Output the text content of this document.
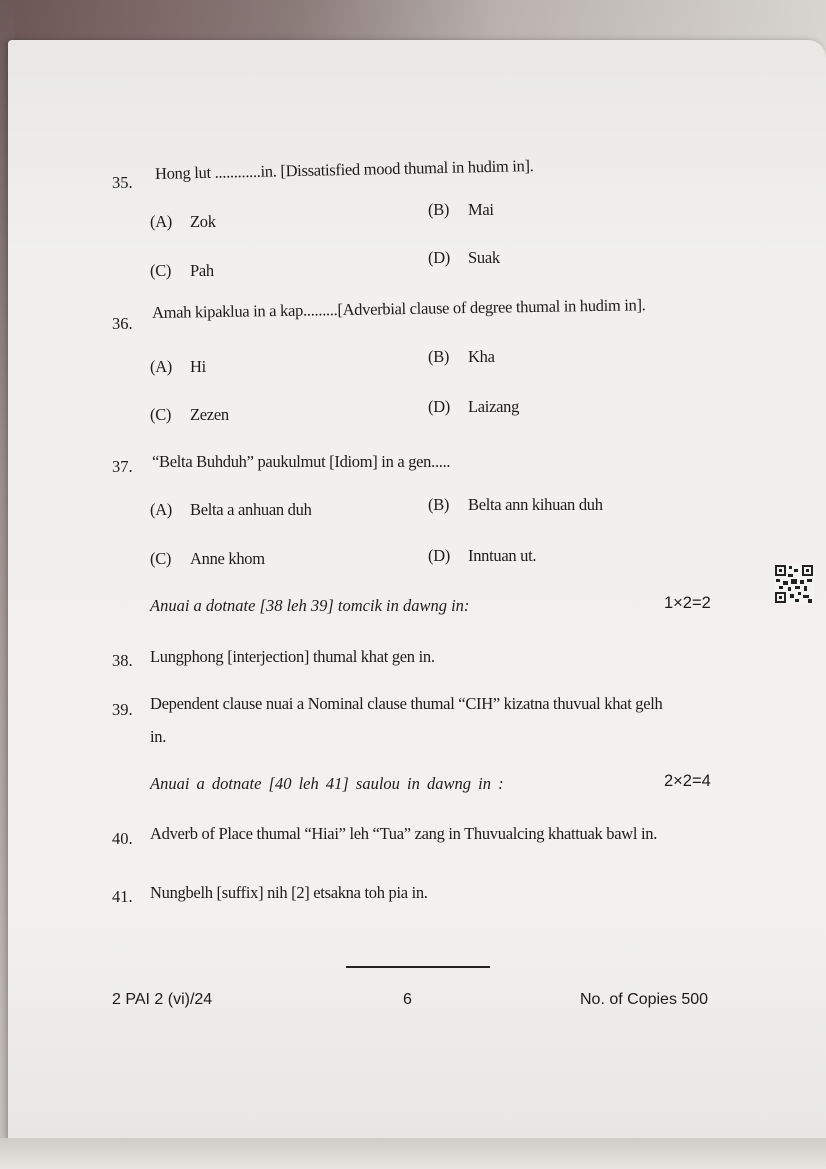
35. Hong lut ............in. [Dissatisfied mood thumal in hudim in].
(A) Zok
(B) Mai
(C) Pah
(D) Suak
36.
Amah kipaklua in a kap.........[Adverbial clause of degree thumal in hudim in].
(A) Hi
(B) Kha
(C) Zezen	(D) Laizang
37. “Belta Buhduh” paukulmut [Idiom] in a gen.....
(A) Belta a anhuan duh	(B) Belta ann kihuan duh
(C) Anne khom	(D) Inntuan ut.
Anuai a dotnate [38 leh 39] tomcik in dawng in:	1×2=2
38. Lungphong [interjection] thumal khat gen in.
39. Dependent clause nuai a Nominal clause thumal “CIH” kizatna thuvual khat gelh
in.
Anuai a dotnate [40 leh 41] saulou in dawng in :	2×2=4
40. Adverb of Place thumal “Hiai” leh “Tua” zang in Thuvualcing khattuak bawl in.
41. Nungbelh [suffix] nih [2] etsakna toh pia in.
2 PAI 2 (vi)/24	6	No. of Copies 500
